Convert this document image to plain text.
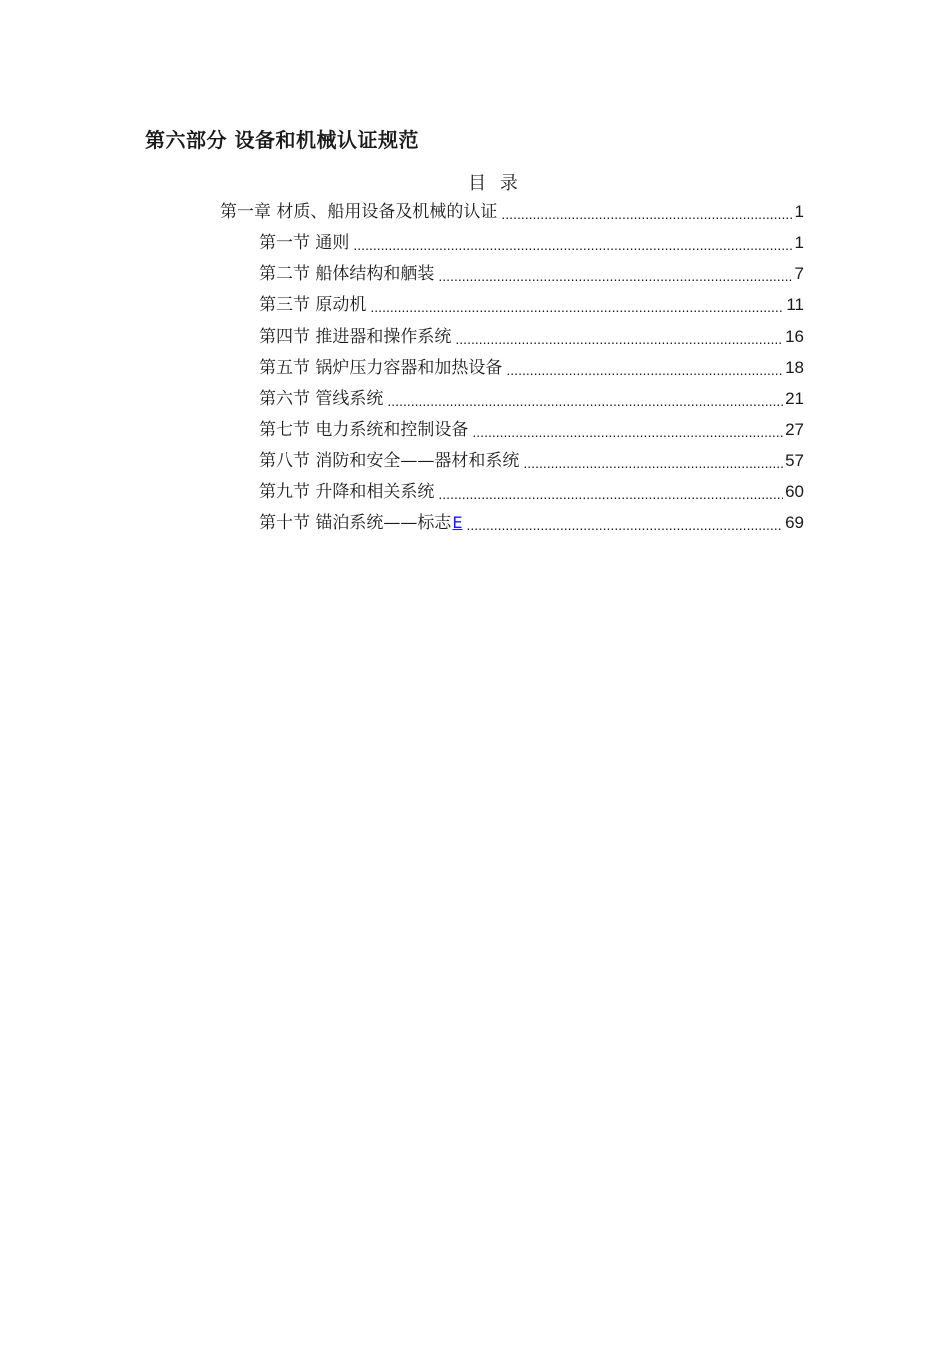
第六部分 设备和机械认证规范
目 录
第一章 材质、船用设备及机械的认证 .....	1
第一节 通则 .....	1
第二节 船体结构和舾装 .....	7
第三节 原动机 .....	11
第四节 推进器和操作系统 .....	16
第五节 锅炉压力容器和加热设备 .....	18
第六节 管线系统 .....	21
第七节 电力系统和控制设备 .....	27
第八节 消防和安全——器材和系统 .....	57
第九节 升降和相关系统 .....	60
第十节 锚泊系统——标志 E .....	69
